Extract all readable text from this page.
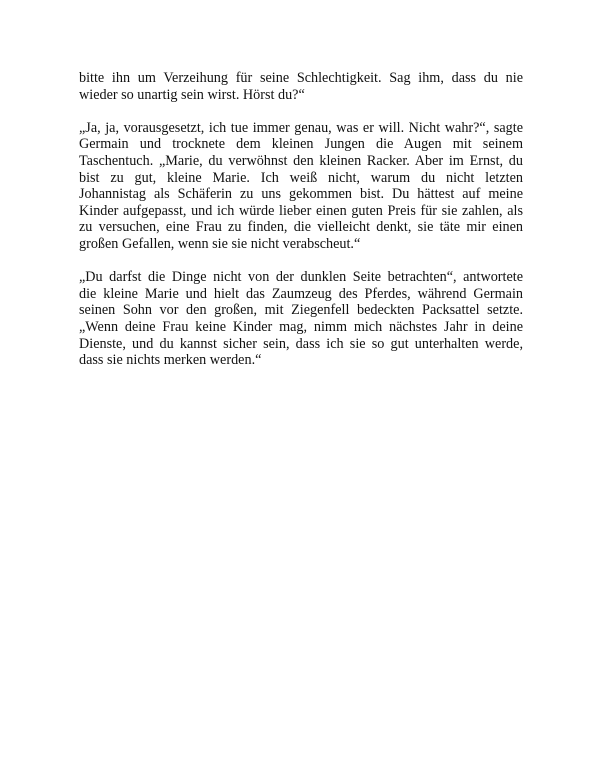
bitte ihn um Verzeihung für seine Schlechtigkeit. Sag ihm, dass du nie
wieder so unartig sein wirst. Hörst du?“

„Ja, ja, vorausgesetzt, ich tue immer genau, was er will. Nicht wahr?“, sagte
Germain und trocknete dem kleinen Jungen die Augen mit seinem
Taschentuch. „Marie, du verwöhnst den kleinen Racker. Aber im Ernst, du
bist zu gut, kleine Marie. Ich weiß nicht, warum du nicht letzten
Johannistag als Schäferin zu uns gekommen bist. Du hättest auf meine
Kinder aufgepasst, und ich würde lieber einen guten Preis für sie zahlen, als
zu versuchen, eine Frau zu finden, die vielleicht denkt, sie täte mir einen
großen Gefallen, wenn sie sie nicht verabscheut.“

„Du darfst die Dinge nicht von der dunklen Seite betrachten“, antwortete
die kleine Marie und hielt das Zaumzeug des Pferdes, während Germain
seinen Sohn vor den großen, mit Ziegenfell bedeckten Packsattel setzte.
„Wenn deine Frau keine Kinder mag, nimm mich nächstes Jahr in deine
Dienste, und du kannst sicher sein, dass ich sie so gut unterhalten werde,
dass sie nichts merken werden.“
